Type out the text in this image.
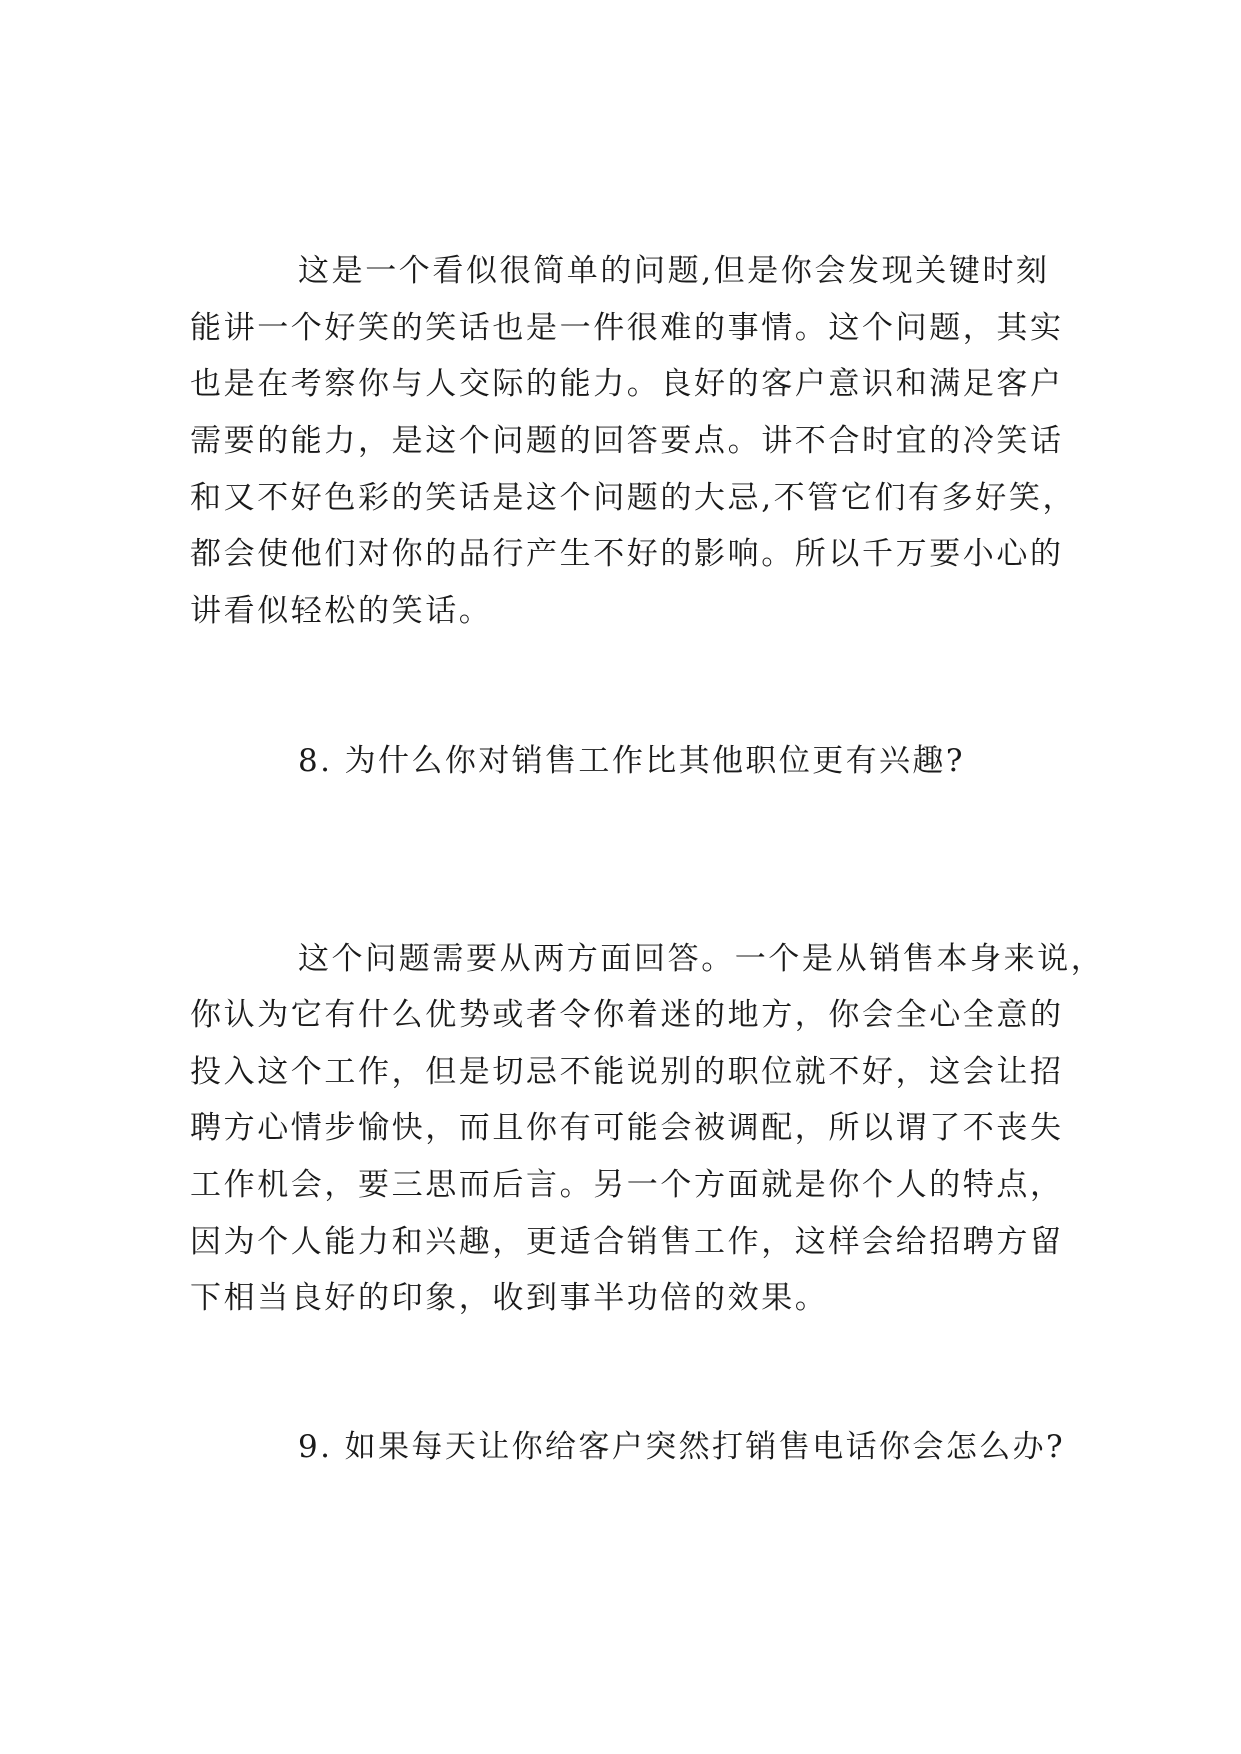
这是一个看似很简单的问题,但是你会发现关键时刻
能讲一个好笑的笑话也是一件很难的事情。这个问题，其实
也是在考察你与人交际的能力。良好的客户意识和满足客户
需要的能力，是这个问题的回答要点。讲不合时宜的冷笑话
和又不好色彩的笑话是这个问题的大忌,不管它们有多好笑，
都会使他们对你的品行产生不好的影响。所以千万要小心的
讲看似轻松的笑话。
8. 为什么你对销售工作比其他职位更有兴趣?
这个问题需要从两方面回答。一个是从销售本身来说，
你认为它有什么优势或者令你着迷的地方，你会全心全意的
投入这个工作，但是切忌不能说别的职位就不好，这会让招
聘方心情步愉快，而且你有可能会被调配，所以谓了不丧失
工作机会，要三思而后言。另一个方面就是你个人的特点，
因为个人能力和兴趣，更适合销售工作，这样会给招聘方留
下相当良好的印象，收到事半功倍的效果。
9. 如果每天让你给客户突然打销售电话你会怎么办?
